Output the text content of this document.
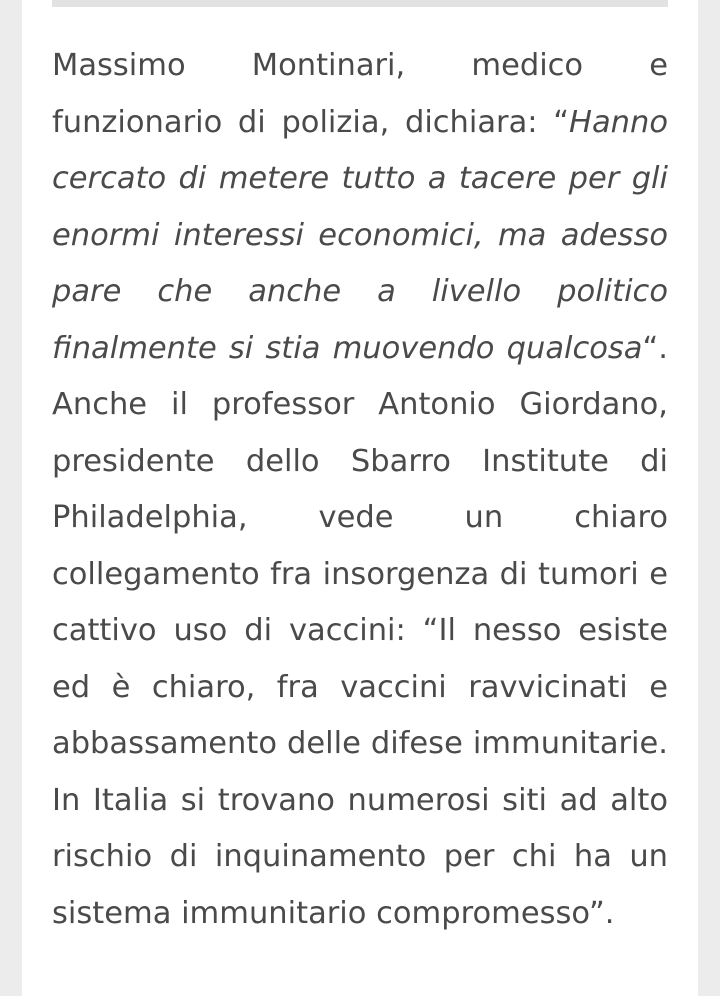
Massimo Montinari, medico e funzionario di polizia, dichiara: “Hanno cercato di metere tutto a tacere per gli enormi interessi economici, ma adesso pare che anche a livello politico finalmente si stia muovendo qualcosa“. Anche il professor Antonio Giordano, presidente dello Sbarro Institute di Philadelphia, vede un chiaro collegamento fra insorgenza di tumori e cattivo uso di vaccini: “Il nesso esiste ed è chiaro, fra vaccini ravvicinati e abbassamento delle difese immunitarie. In Italia si trovano numerosi siti ad alto rischio di inquinamento per chi ha un sistema immunitario compromesso”.
